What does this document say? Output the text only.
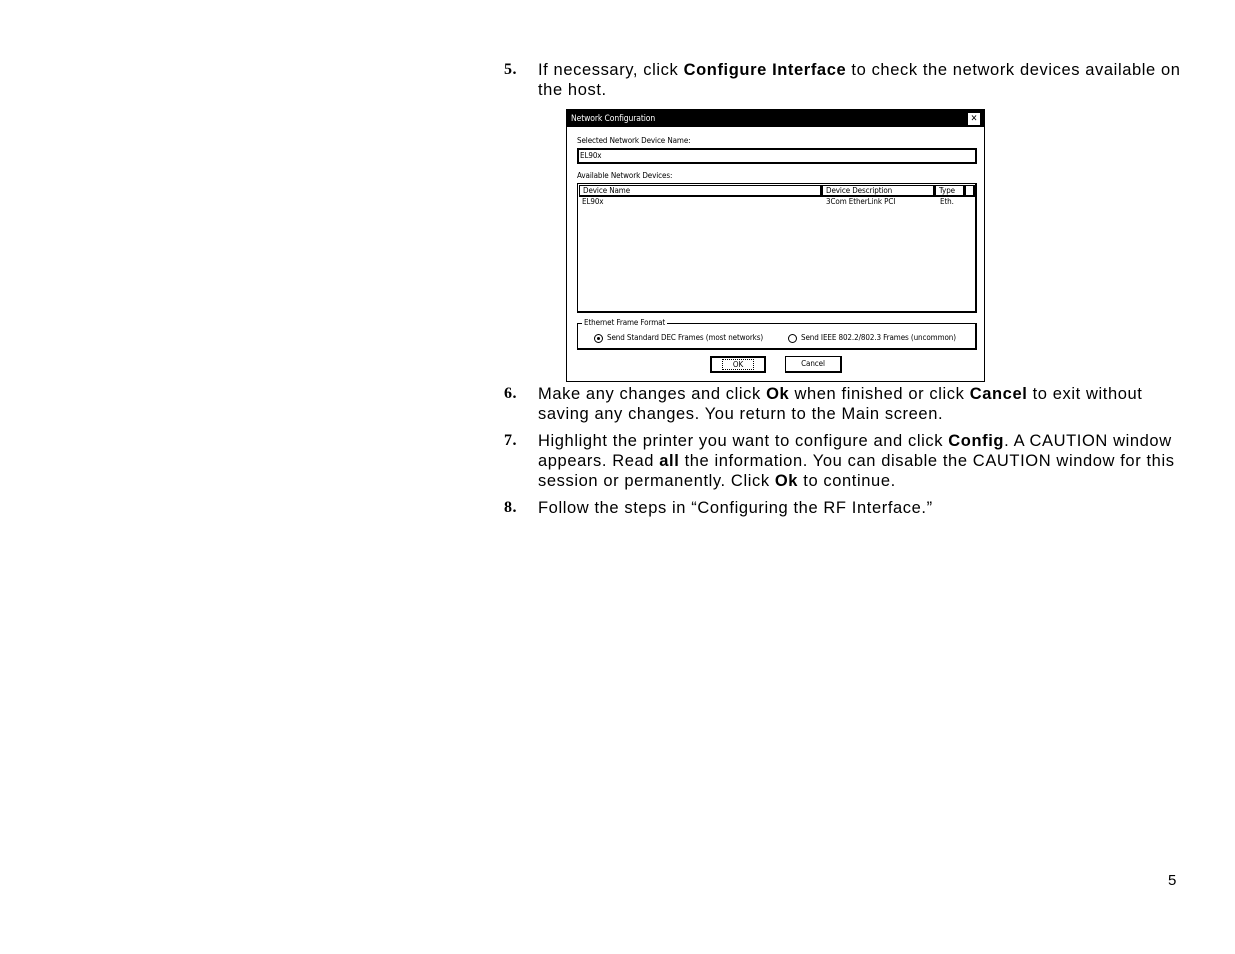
5.	If necessary, click Configure Interface to check the network devices available on the host.
Network Configuration	✕
Selected Network Device Name:
EL90x
Available Network Devices:
Device Name	Device Description	Type
EL90x	3Com EtherLink PCI	Eth.
Ethernet Frame Format
Send Standard DEC Frames (most networks)	Send IEEE 802.2/802.3 Frames (uncommon)
OK	Cancel
6.	Make any changes and click Ok when finished or click Cancel to exit without saving any changes. You return to the Main screen.
7.	Highlight the printer you want to configure and click Config. A CAUTION window appears. Read all the information. You can disable the CAUTION window for this session or permanently. Click Ok to continue.
8.	Follow the steps in “Configuring the RF Interface.”
5
